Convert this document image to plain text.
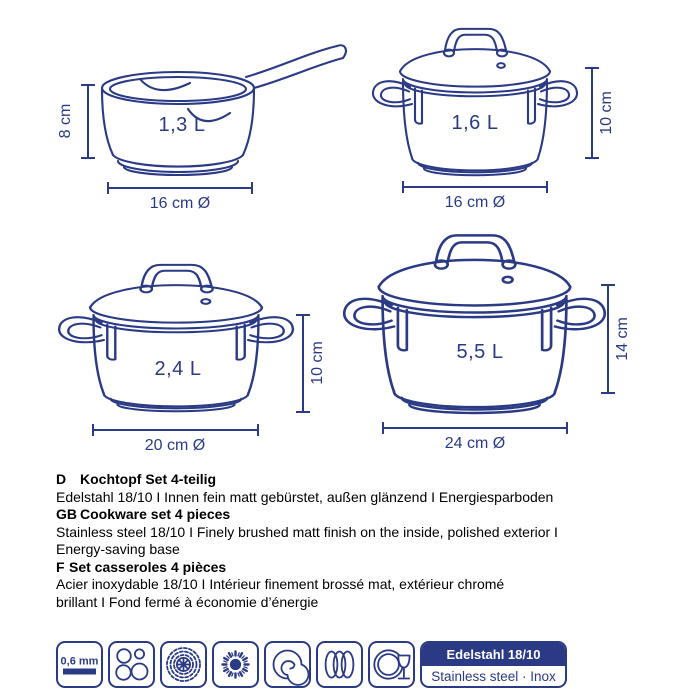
1,3 L
8 cm
16 cm Ø
1,6 L	10 cm
16 cm Ø
2,4 L	10 cm
20 cm Ø
5,5 L	14 cm
24 cm Ø

D Kochtopf Set 4-teilig

Edelstahl 18/10 I Innen fein matt gebürstet, außen glänzend I Energiesparboden

GB Cookware set 4 pieces

Stainless steel 18/10 I Finely brushed matt finish on the inside, polished exterior I

Energy-saving base

F Set casseroles 4 pièces

Acier inoxydable 18/10 I Intérieur finement brossé mat, extérieur chromé

brillant I Fond fermé à économie d’énergie

0,6 mm	Edelstahl 18/10
Stainless steel · Inox
